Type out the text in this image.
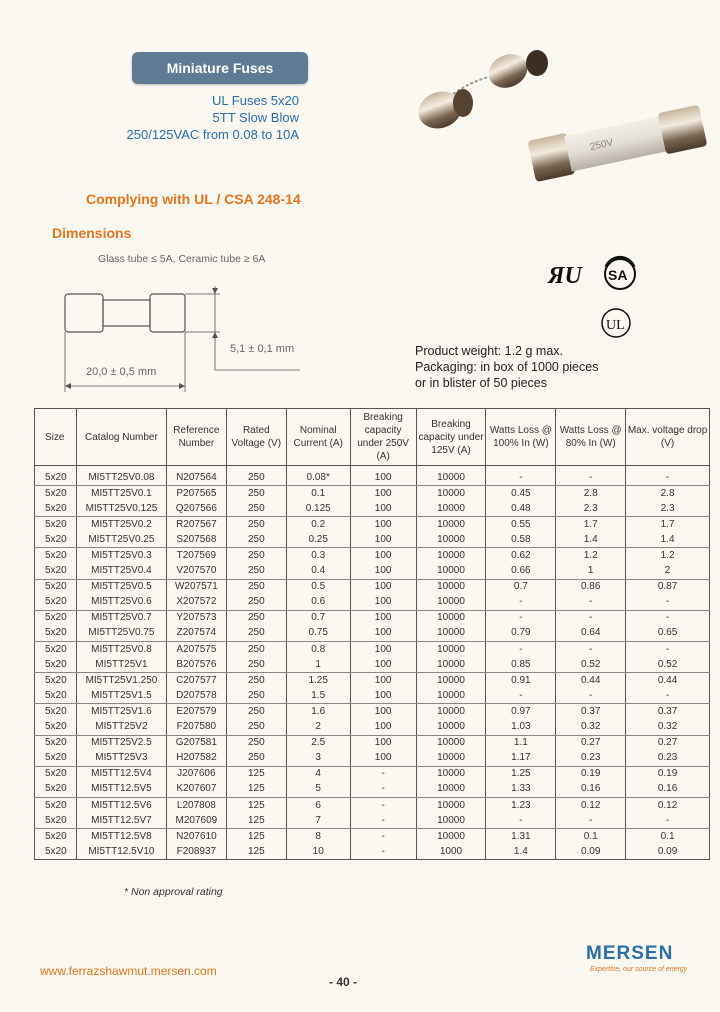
Miniature Fuses
UL Fuses 5x20
5TT Slow Blow
250/125VAC from 0.08 to 10A
250V
Complying with UL / CSA 248-14
Dimensions
Glass tube ≤ 5A, Ceramic tube ≥ 6A
5,1 ± 0,1 mm
20,0 ± 0,5 mm
ЯU SA
UL
Product weight: 1.2 g max.
Packaging: in box of 1000 pieces
or in blister of 50 pieces
Size	Catalog Number	Reference Number	Rated Voltage (V)	Nominal Current (A)	Breaking capacity under 250V (A)	Breaking capacity under 125V (A)	Watts Loss @ 100% In (W)	Watts Loss @ 80% In (W)	Max. voltage drop (V)
5x20	MI5TT25V0.08	N207564	250	0.08*	100	10000	-	-	-
5x20	MI5TT25V0.1	P207565	250	0.1	100	10000	0.45	2.8	2.8
5x20	MI5TT25V0.125	Q207566	250	0.125	100	10000	0.48	2.3	2.3
5x20	MI5TT25V0.2	R207567	250	0.2	100	10000	0.55	1.7	1.7
5x20	MI5TT25V0.25	S207568	250	0.25	100	10000	0.58	1.4	1.4
5x20	MI5TT25V0.3	T207569	250	0.3	100	10000	0.62	1.2	1.2
5x20	MI5TT25V0.4	V207570	250	0.4	100	10000	0.66	1	2
5x20	MI5TT25V0.5	W207571	250	0.5	100	10000	0.7	0.86	0.87
5x20	MI5TT25V0.6	X207572	250	0.6	100	10000	-	-	-
5x20	MI5TT25V0.7	Y207573	250	0.7	100	10000	-	-	-
5x20	MI5TT25V0.75	Z207574	250	0.75	100	10000	0.79	0.64	0.65
5x20	MI5TT25V0.8	A207575	250	0.8	100	10000	-	-	-
5x20	MI5TT25V1	B207576	250	1	100	10000	0.85	0.52	0.52
5x20	MI5TT25V1.250	C207577	250	1.25	100	10000	0.91	0.44	0.44
5x20	MI5TT25V1.5	D207578	250	1.5	100	10000	-	-	-
5x20	MI5TT25V1.6	E207579	250	1.6	100	10000	0.97	0.37	0.37
5x20	MI5TT25V2	F207580	250	2	100	10000	1.03	0.32	0.32
5x20	MI5TT25V2.5	G207581	250	2.5	100	10000	1.1	0.27	0.27
5x20	MI5TT25V3	H207582	250	3	100	10000	1.17	0.23	0.23
5x20	MI5TT12.5V4	J207606	125	4	-	10000	1.25	0.19	0.19
5x20	MI5TT12.5V5	K207607	125	5	-	10000	1.33	0.16	0.16
5x20	MI5TT12.5V6	L207808	125	6	-	10000	1.23	0.12	0.12
5x20	MI5TT12.5V7	M207609	125	7	-	10000	-	-	-
5x20	MI5TT12.5V8	N207610	125	8	-	10000	1.31	0.1	0.1
5x20	MI5TT12.5V10	F208937	125	10	-	1000	1.4	0.09	0.09
* Non approval rating
www.ferrazshawmut.mersen.com
- 40 -
MERSEN
Expertise, our source of energy
